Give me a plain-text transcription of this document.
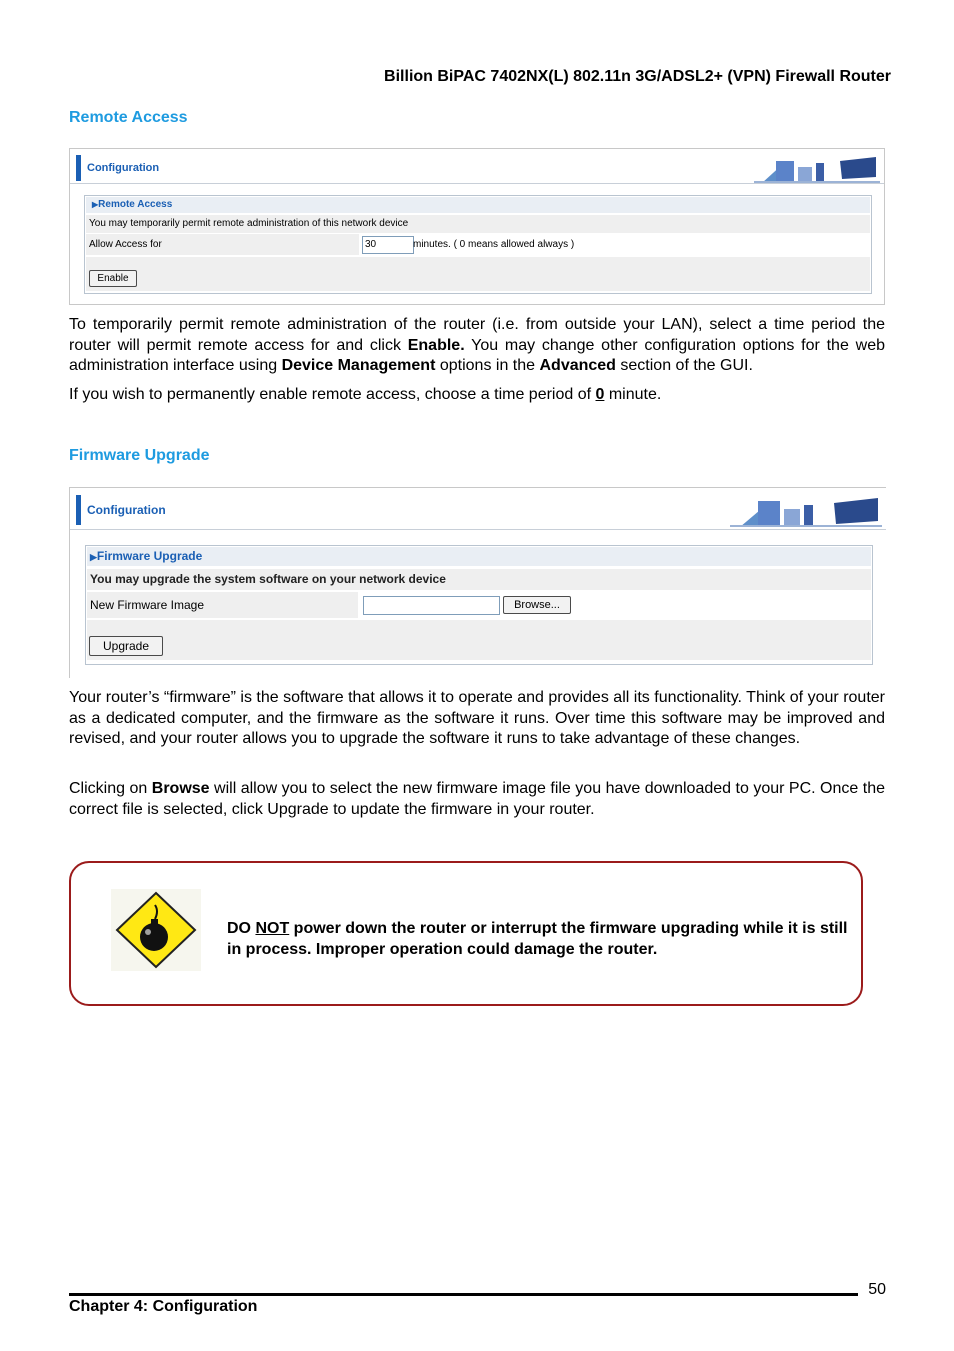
Billion BiPAC 7402NX(L) 802.11n 3G/ADSL2+ (VPN) Firewall Router
Remote Access
Configuration
▶Remote Access
You may temporarily permit remote administration of this network device
Allow Access for	30	minutes. ( 0 means allowed always )
Enable
To temporarily permit remote administration of the router (i.e. from outside your LAN), select a time period the router will permit remote access for and click Enable. You may change other configuration options for the web administration interface using Device Management options in the Advanced section of the GUI.
If you wish to permanently enable remote access, choose a time period of 0 minute.
Firmware Upgrade
Configuration
▶Firmware Upgrade
You may upgrade the system software on your network device
New Firmware Image	Browse...
Upgrade
Your router’s “firmware” is the software that allows it to operate and provides all its functionality. Think of your router as a dedicated computer, and the firmware as the software it runs. Over time this software may be improved and revised, and your router allows you to upgrade the software it runs to take advantage of these changes.
Clicking on Browse will allow you to select the new firmware image file you have downloaded to your PC. Once the correct file is selected, click Upgrade to update the firmware in your router.
DO NOT power down the router or interrupt the firmware upgrading while it is still in process. Improper operation could damage the router.
50
Chapter 4: Configuration
